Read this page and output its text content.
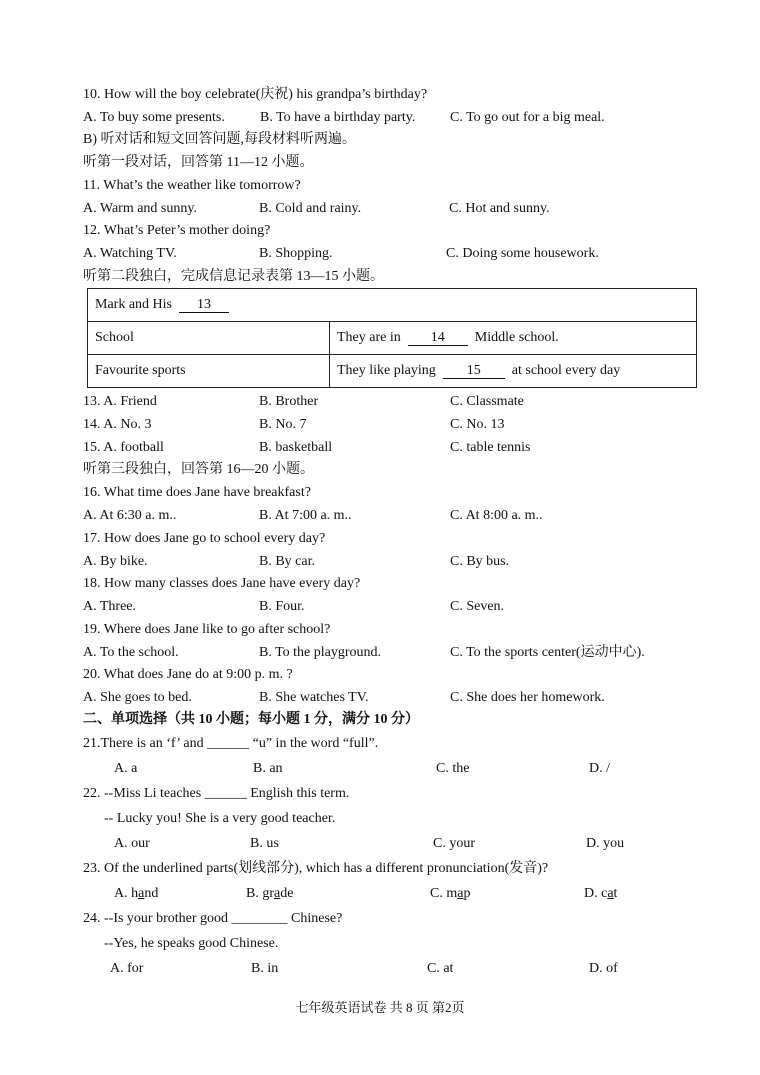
10. How will the boy celebrate(庆祝) his grandpa’s birthday?
A. To buy some presents.	B. To have a birthday party. C. To go out for a big meal.
B) 听对话和短文回答问题,每段材料听两遍。
听第一段对话，回答第 11—12 小题。
11. What’s the weather like tomorrow?
A. Warm and sunny.	B. Cold and rainy.	C. Hot and sunny.
12. What’s Peter’s mother doing?
A. Watching TV.	B. Shopping.	C. Doing some housework.
听第二段独白，完成信息记录表第 13—15 小题。
Mark and His 13	
School	They are in 14 Middle school.
Favourite sports	They like playing 15 at school every day
13. A. Friend	B. Brother	C. Classmate
14. A. No. 3	B. No. 7	C. No. 13
15. A. football	B. basketball	C. table tennis
听第三段独白，回答第 16—20 小题。
16. What time does Jane have breakfast?
A. At 6:30 a. m..	B. At 7:00 a. m..	C. At 8:00 a. m..
17. How does Jane go to school every day?
A. By bike.	B. By car.	C. By bus.
18. How many classes does Jane have every day?
A. Three.	B. Four.	C. Seven.
19. Where does Jane like to go after school?
A. To the school.	B. To the playground.	C. To the sports center(运动中心).
20. What does Jane do at 9:00 p. m. ?
A. She goes to bed.	B. She watches TV.	C. She does her homework.
二、单项选择（共 10 小题；每小题 1 分，满分 10 分）
21.There is an ‘f’ and ______ “u” in the word “full”.
A. a	B. an	C. the	D. /
22. --Miss Li teaches ______ English this term.
-- Lucky you! She is a very good teacher.
A. our	B. us	C. your	D. you
23. Of the underlined parts(划线部分), which has a different pronunciation(发音)?
A. hand	B. grade	C. map	D. cat
24. --Is your brother good ________ Chinese?
--Yes, he speaks good Chinese.
A. for	B. in	C. at	D. of
七年级英语试卷 共 8 页 第2页
